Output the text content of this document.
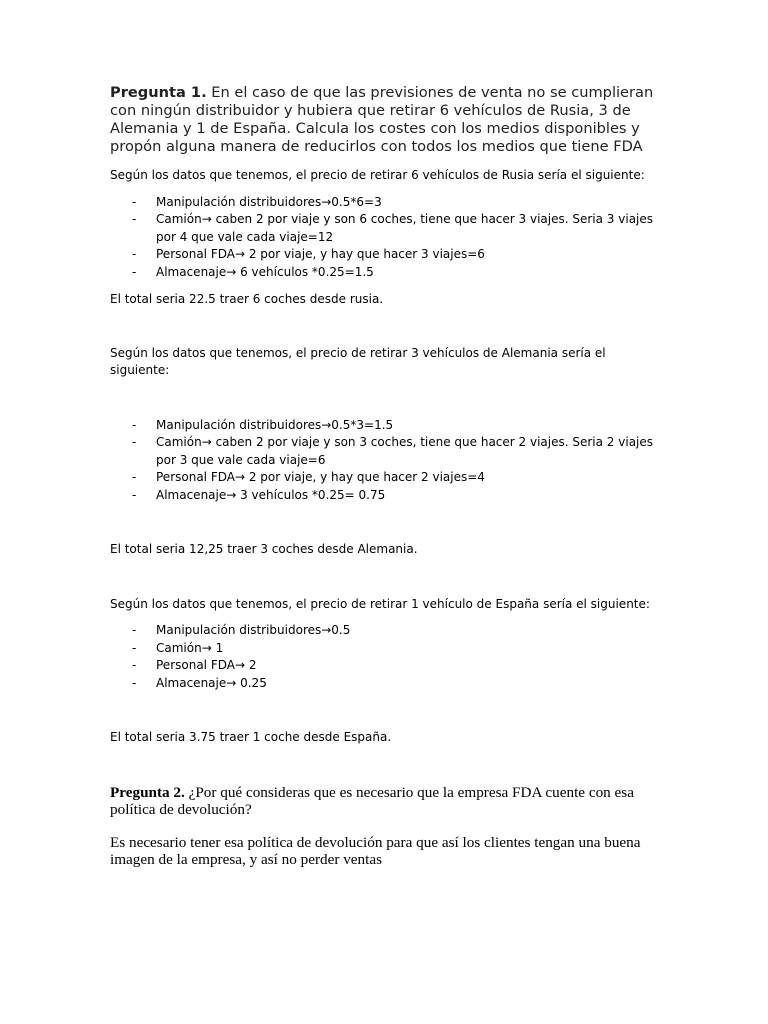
Pregunta 1. En el caso de que las previsiones de venta no se cumplieran con ningún distribuidor y hubiera que retirar 6 vehículos de Rusia, 3 de Alemania y 1 de España. Calcula los costes con los medios disponibles y propón alguna manera de reducirlos con todos los medios que tiene FDA

Según los datos que tenemos, el precio de retirar 6 vehículos de Rusia sería el siguiente:

- Manipulación distribuidores→0.5*6=3
- Camión→ caben 2 por viaje y son 6 coches, tiene que hacer 3 viajes. Seria 3 viajes por 4 que vale cada viaje=12
- Personal FDA→ 2 por viaje, y hay que hacer 3 viajes=6
- Almacenaje→ 6 vehículos *0.25=1.5

El total seria 22.5 traer 6 coches desde rusia.

Según los datos que tenemos, el precio de retirar 3 vehículos de Alemania sería el siguiente:

- Manipulación distribuidores→0.5*3=1.5
- Camión→ caben 2 por viaje y son 3 coches, tiene que hacer 2 viajes. Seria 2 viajes por 3 que vale cada viaje=6
- Personal FDA→ 2 por viaje, y hay que hacer 2 viajes=4
- Almacenaje→ 3 vehículos *0.25= 0.75

El total seria 12,25 traer 3 coches desde Alemania.

Según los datos que tenemos, el precio de retirar 1 vehículo de España sería el siguiente:

- Manipulación distribuidores→0.5
- Camión→ 1
- Personal FDA→ 2
- Almacenaje→ 0.25

El total seria 3.75 traer 1 coche desde España.

Pregunta 2. ¿Por qué consideras que es necesario que la empresa FDA cuente con esa política de devolución?

Es necesario tener esa política de devolución para que así los clientes tengan una buena imagen de la empresa, y así no perder ventas
